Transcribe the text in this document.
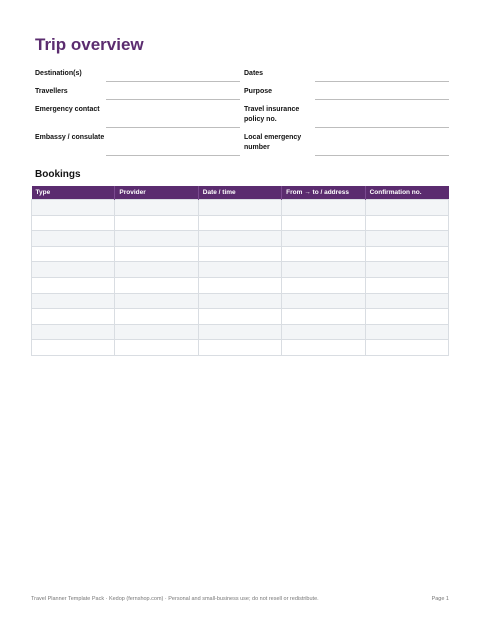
Trip overview
Destination(s)	Dates
Travellers	Purpose
Emergency contact	Travel insurance policy no.
Embassy / consulate	Local emergency number
Bookings
Type	Provider	Date / time	From → to / address	Confirmation no.

Travel Planner Template Pack · Kedop (fernshop.com) · Personal and small-business use; do not resell or redistribute.	Page 1
